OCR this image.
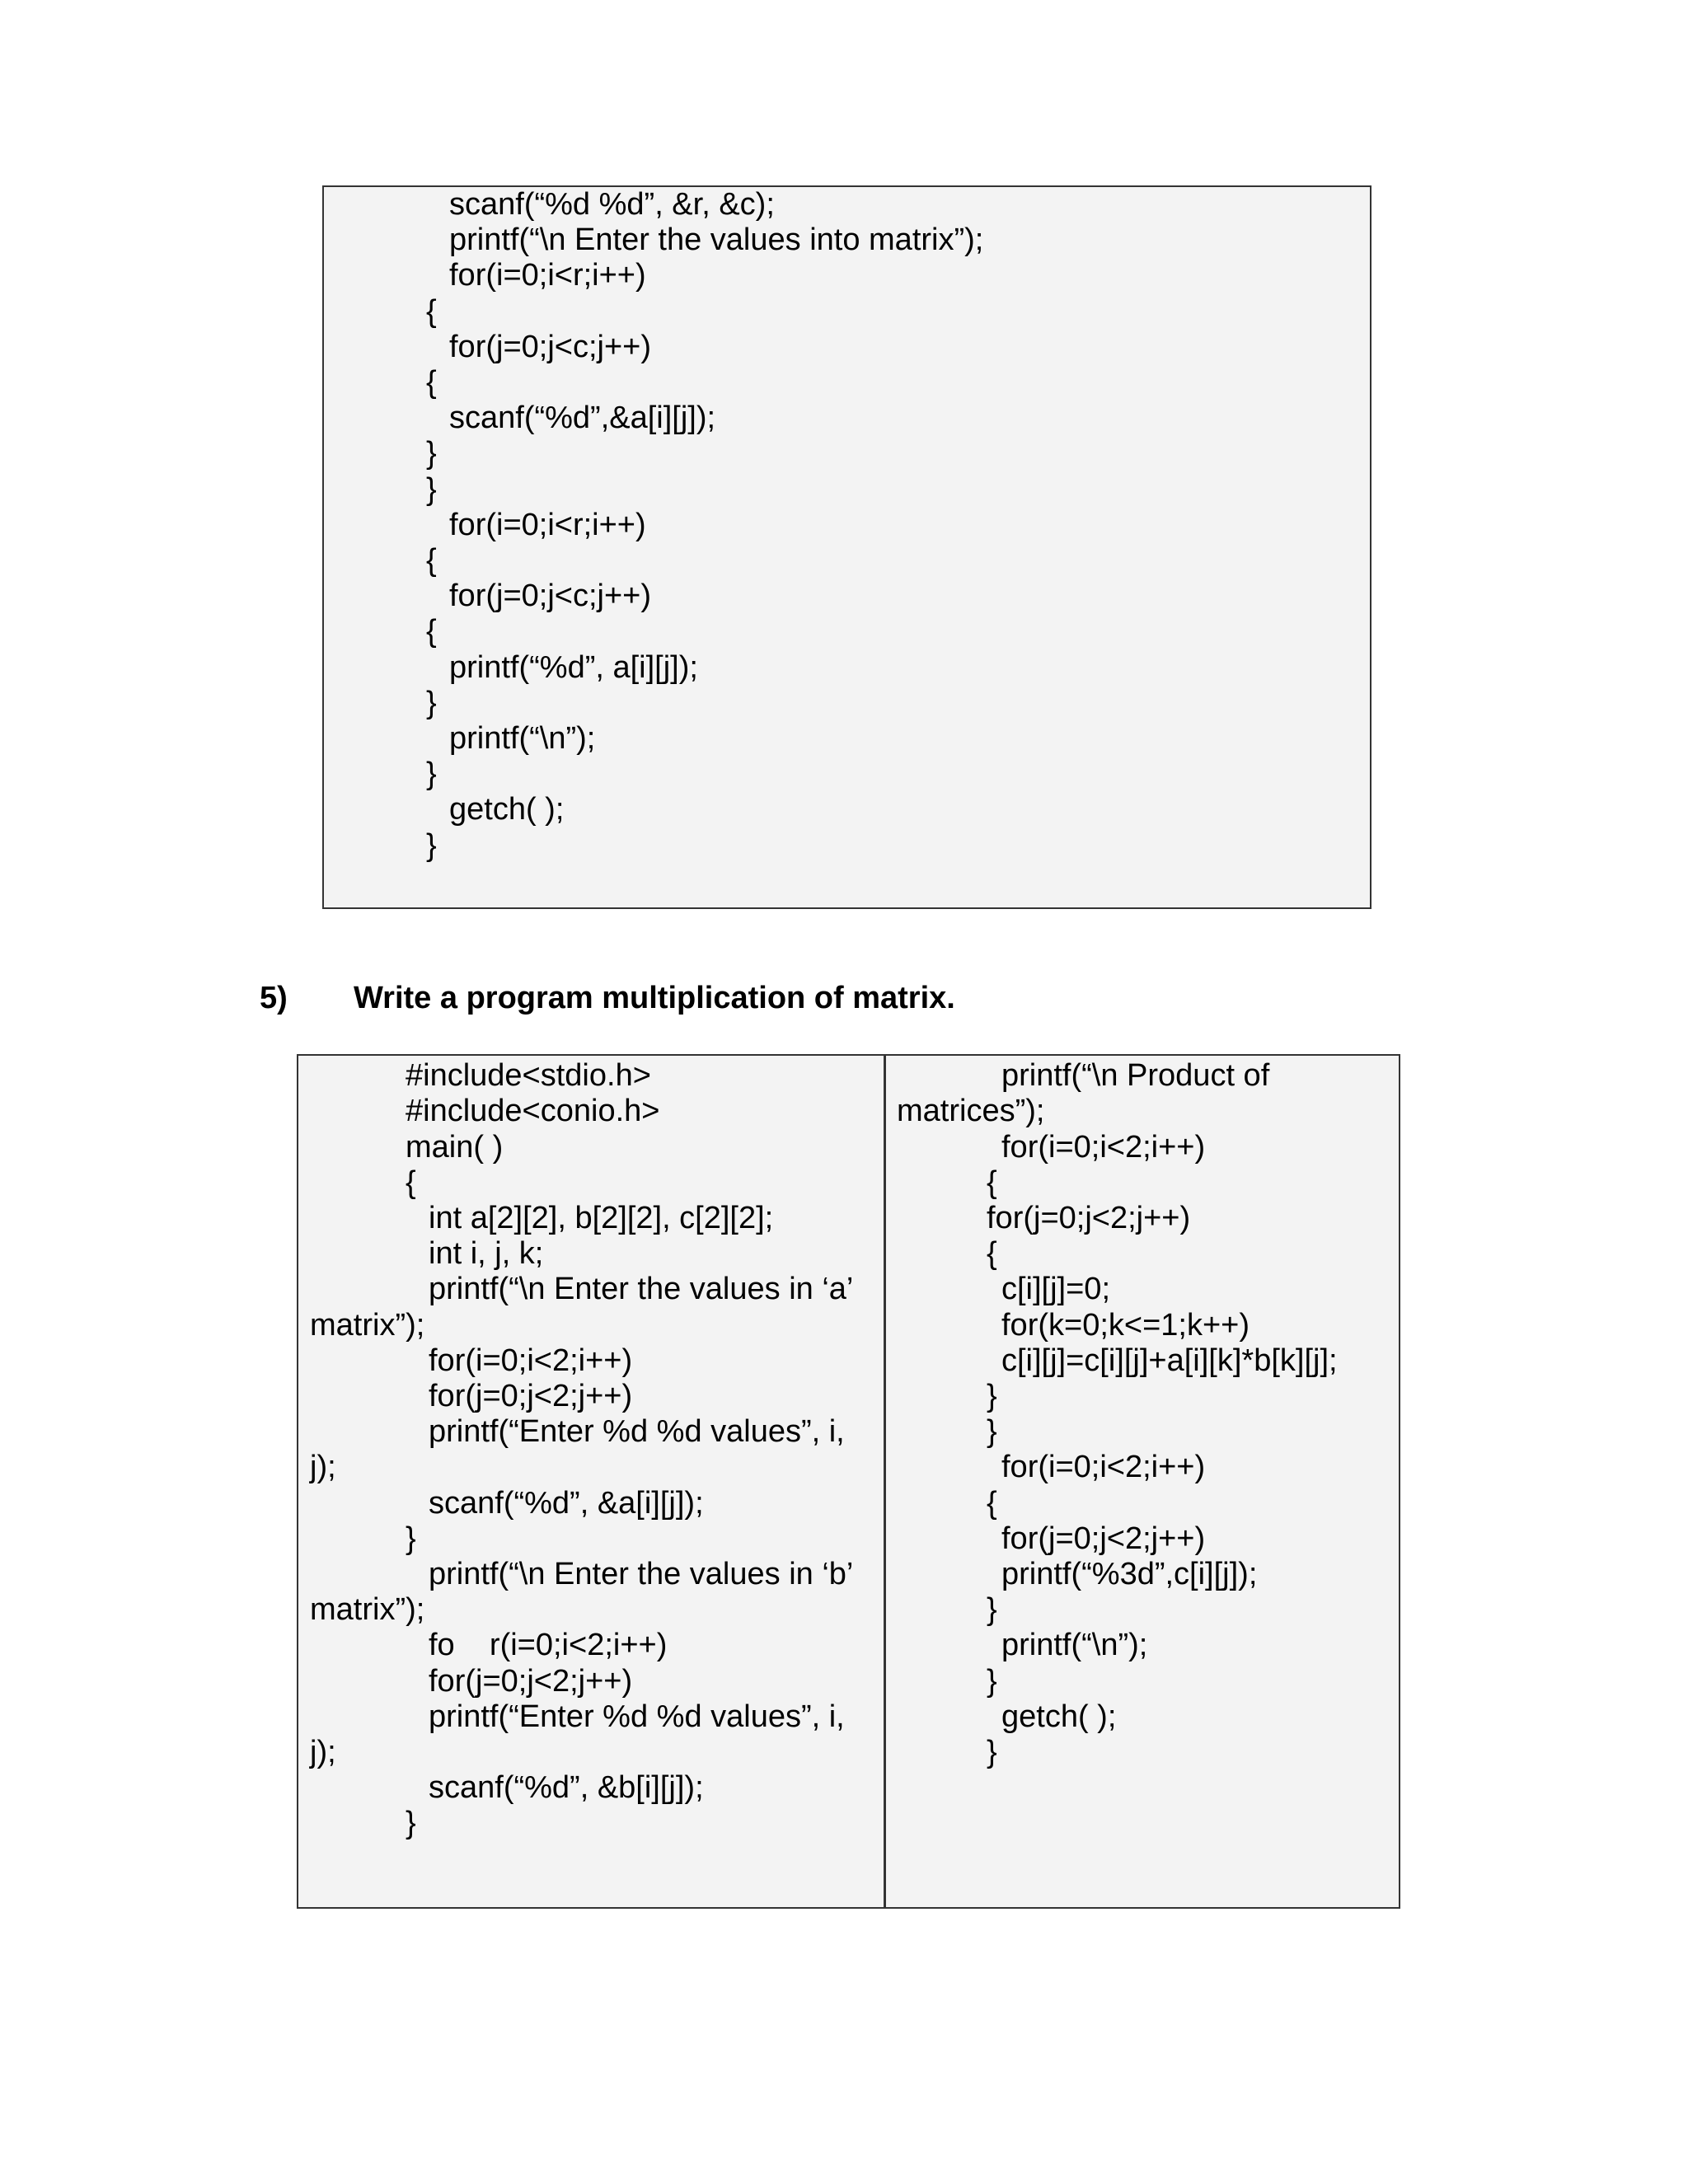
scanf(“%d %d”, &r, &c);
printf(“\n Enter the values into matrix”);
for(i=0;i<r;i++)
{
for(j=0;j<c;j++)
{
scanf(“%d”,&a[i][j]);
}
}
for(i=0;i<r;i++)
{
for(j=0;j<c;j++)
{
printf(“%d”, a[i][j]);
}
printf(“\n”);
}
getch( );
}
5) Write a program multiplication of matrix.
#include<stdio.h>
#include<conio.h>
main( )
{
int a[2][2], b[2][2], c[2][2];
int i, j, k;
printf(“\n Enter the values in ‘a’
matrix”);
for(i=0;i<2;i++)
for(j=0;j<2;j++)
printf(“Enter %d %d values”, i,
j);
scanf(“%d”, &a[i][j]);
}
printf(“\n Enter the values in ‘b’
matrix”);
fo    r(i=0;i<2;i++)
for(j=0;j<2;j++)
printf(“Enter %d %d values”, i,
j);
scanf(“%d”, &b[i][j]);
}
printf(“\n Product of
matrices”);
for(i=0;i<2;i++)
{
for(j=0;j<2;j++)
{
c[i][j]=0;
for(k=0;k<=1;k++)
c[i][j]=c[i][j]+a[i][k]*b[k][j];
}
}
for(i=0;i<2;i++)
{
for(j=0;j<2;j++)
printf(“%3d”,c[i][j]);
}
printf(“\n”);
}
getch( );
}
